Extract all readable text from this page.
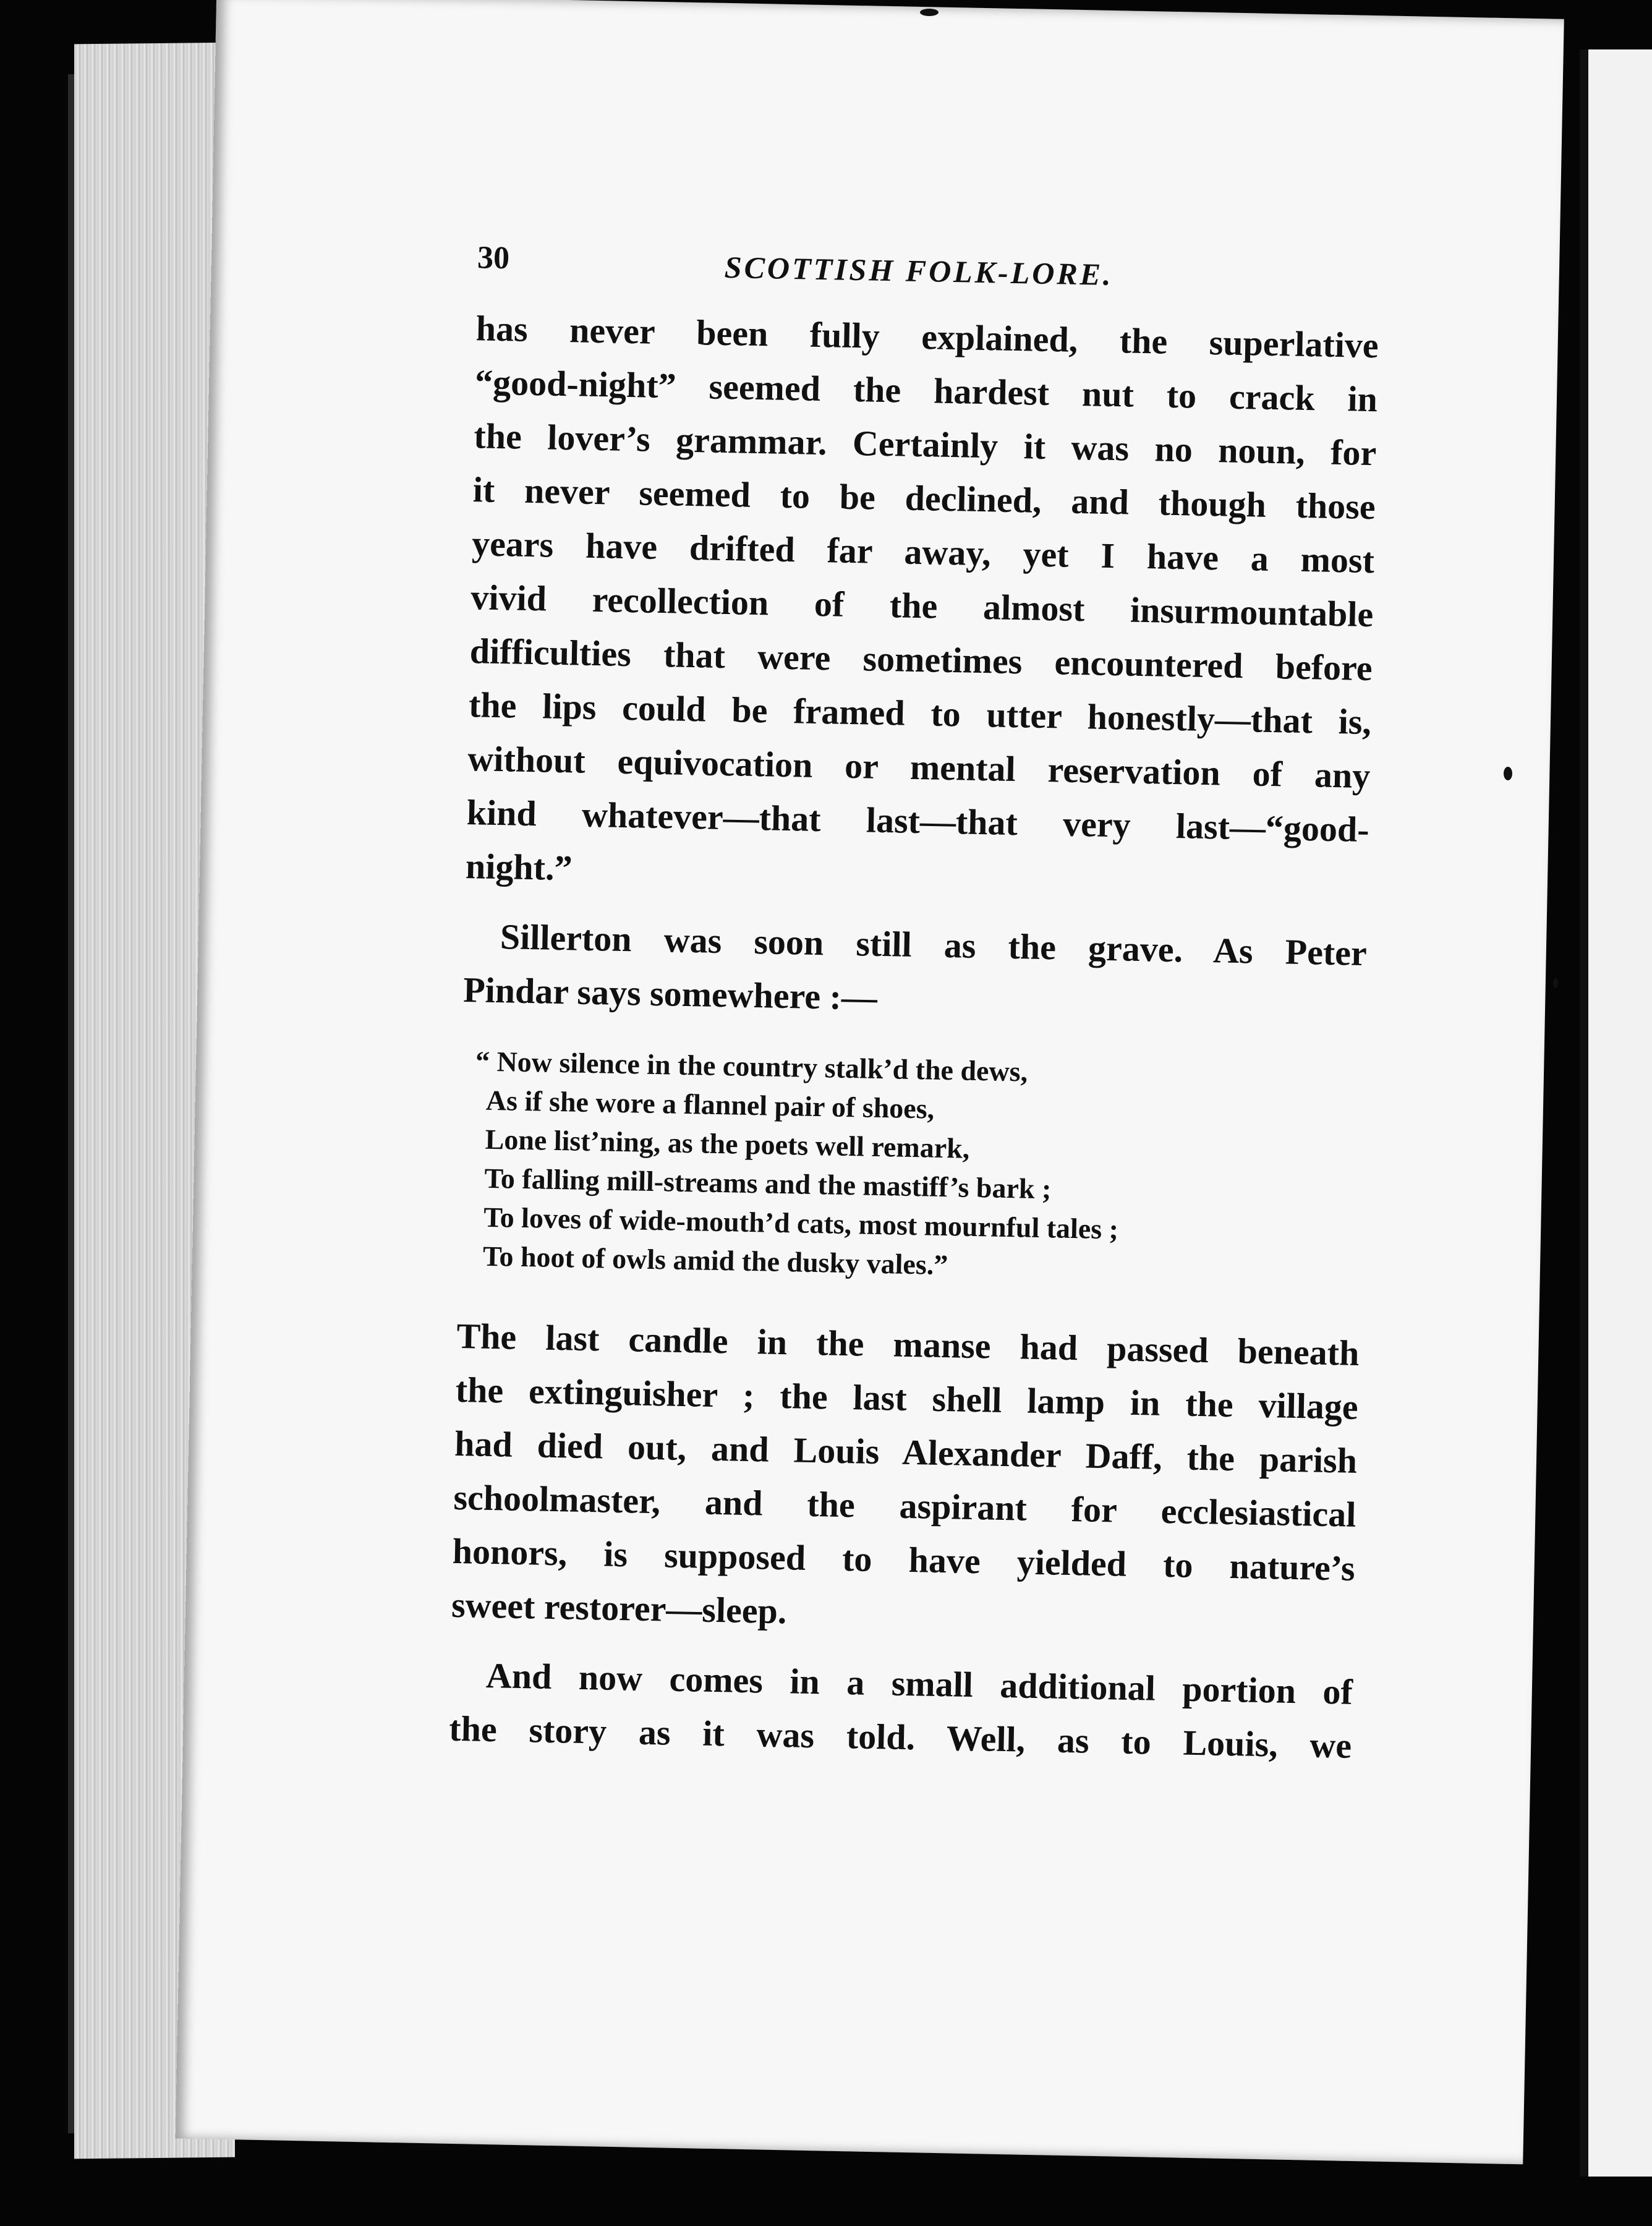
30	SCOTTISH FOLK-LORE.
has never been fully explained, the superlative
“good-night” seemed the hardest nut to crack in
the lover’s grammar. Certainly it was no noun, for
it never seemed to be declined, and though those
years have drifted far away, yet I have a most
vivid recollection of the almost insurmountable
difficulties that were sometimes encountered before
the lips could be framed to utter honestly—that is,
without equivocation or mental reservation of any
kind whatever—that last—that very last—“good-
night.”
Sillerton was soon still as the grave. As Peter
Pindar says somewhere :—
“ Now silence in the country stalk’d the dews,
As if she wore a flannel pair of shoes,
Lone list’ning, as the poets well remark,
To falling mill-streams and the mastiff’s bark ;
To loves of wide-mouth’d cats, most mournful tales ;
To hoot of owls amid the dusky vales.”
The last candle in the manse had passed beneath
the extinguisher ; the last shell lamp in the village
had died out, and Louis Alexander Daff, the parish
schoolmaster, and the aspirant for ecclesiastical
honors, is supposed to have yielded to nature’s
sweet restorer—sleep.
And now comes in a small additional portion of
the story as it was told. Well, as to Louis, we
